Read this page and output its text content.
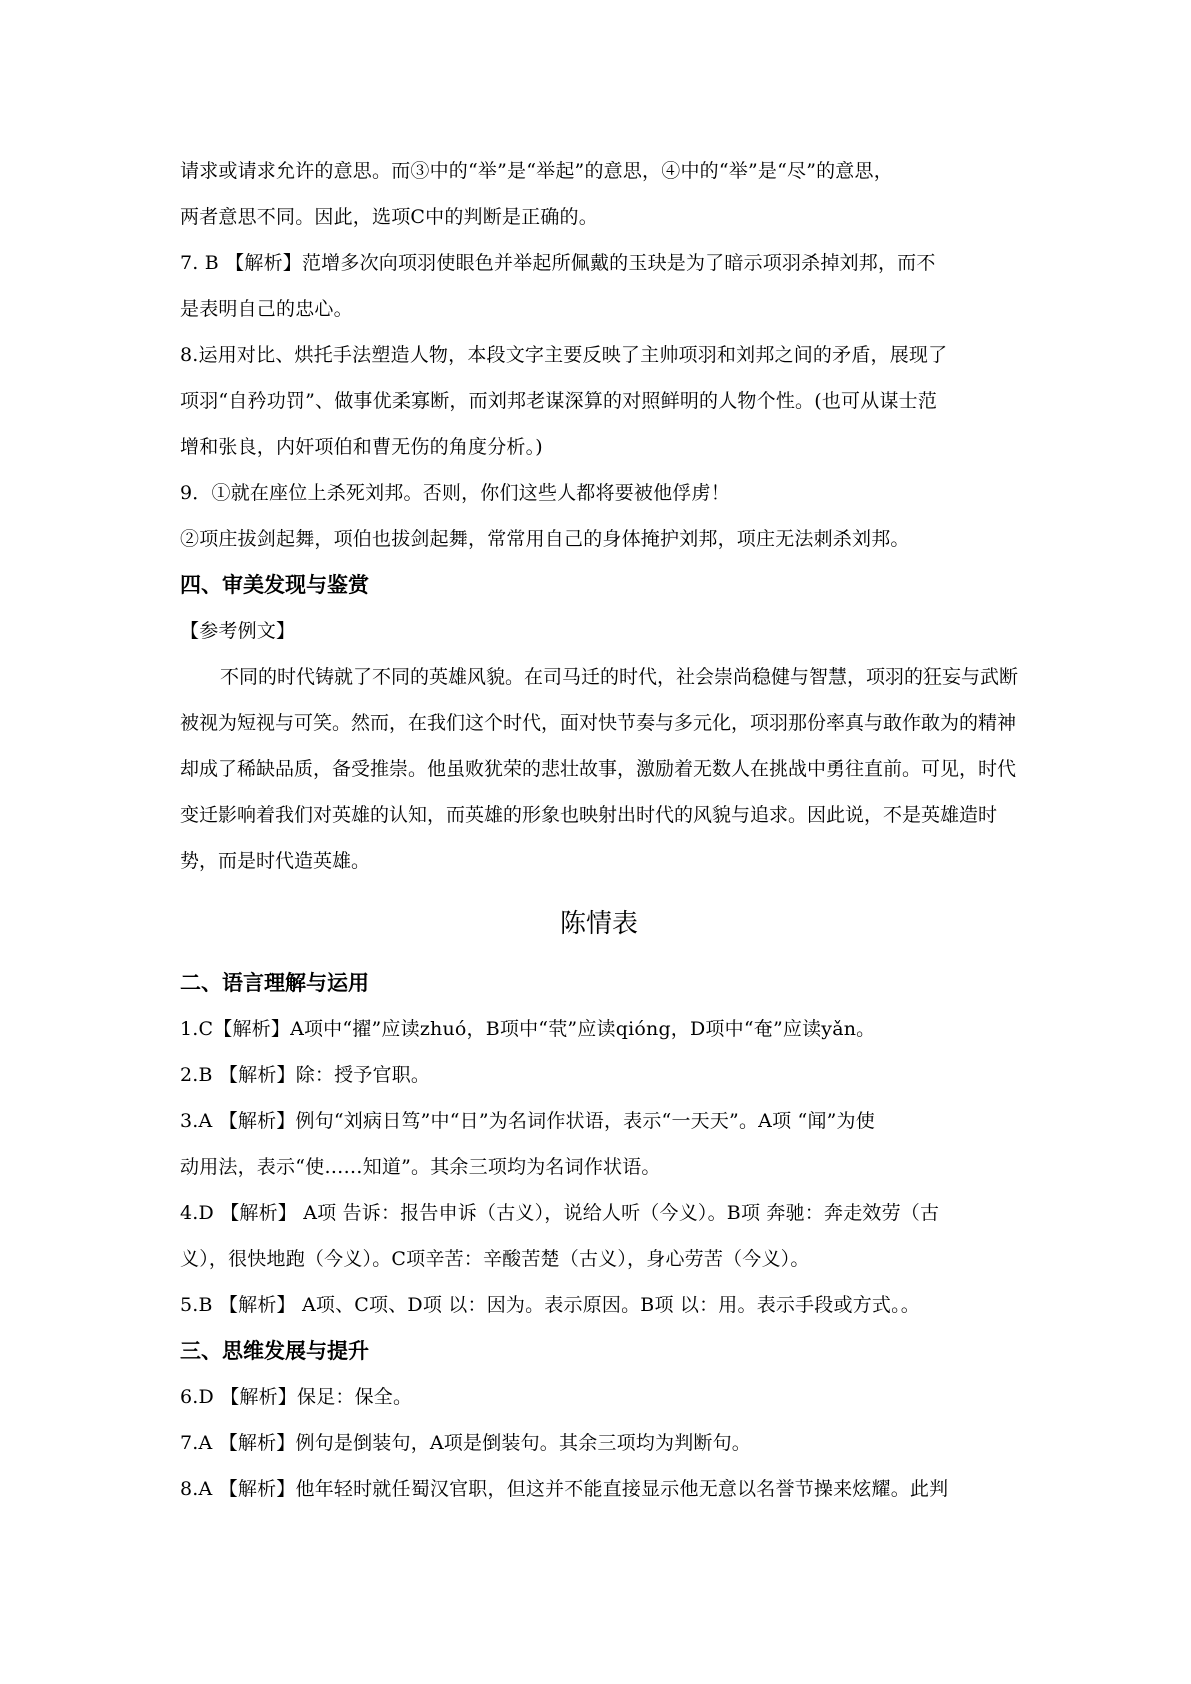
请求或请求允许的意思。而③中的“举”是“举起”的意思，④中的“举”是“尽”的意思，
两者意思不同。因此，选项C中的判断是正确的。
7. B 【解析】范增多次向项羽使眼色并举起所佩戴的玉玦是为了暗示项羽杀掉刘邦，而不
是表明自己的忠心。
8.运用对比、烘托手法塑造人物，本段文字主要反映了主帅项羽和刘邦之间的矛盾，展现了
项羽“自矜功罚”、做事优柔寡断，而刘邦老谋深算的对照鲜明的人物个性。(也可从谋士范
增和张良，内奸项伯和曹无伤的角度分析。)
9．①就在座位上杀死刘邦。否则，你们这些人都将要被他俘虏！
②项庄拔剑起舞，项伯也拔剑起舞，常常用自己的身体掩护刘邦，项庄无法刺杀刘邦。
四、审美发现与鉴赏
【参考例文】
不同的时代铸就了不同的英雄风貌。在司马迁的时代，社会崇尚稳健与智慧，项羽的狂妄与武断被视为短视与可笑。然而，在我们这个时代，面对快节奏与多元化，项羽那份率真与敢作敢为的精神却成了稀缺品质，备受推崇。他虽败犹荣的悲壮故事，激励着无数人在挑战中勇往直前。可见，时代变迁影响着我们对英雄的认知，而英雄的形象也映射出时代的风貌与追求。因此说，不是英雄造时势，而是时代造英雄。
陈情表
二、语言理解与运用
1.C【解析】A项中“擢”应读zhuó，B项中“茕”应读qióng，D项中“奄”应读yǎn。
2.B 【解析】除：授予官职。
3.A 【解析】例句“刘病日笃”中“日”为名词作状语，表示“一天天”。A项 “闻”为使
动用法，表示“使……知道”。其余三项均为名词作状语。
4.D 【解析】 A项 告诉：报告申诉（古义），说给人听（今义）。B项 奔驰：奔走效劳（古
义），很快地跑（今义）。C项辛苦：辛酸苦楚（古义），身心劳苦（今义）。
5.B 【解析】 A项、C项、D项 以：因为。表示原因。B项 以：用。表示手段或方式。。
三、思维发展与提升
6.D 【解析】保足：保全。
7.A 【解析】例句是倒装句，A项是倒装句。其余三项均为判断句。
8.A 【解析】他年轻时就任蜀汉官职，但这并不能直接显示他无意以名誉节操来炫耀。此判
